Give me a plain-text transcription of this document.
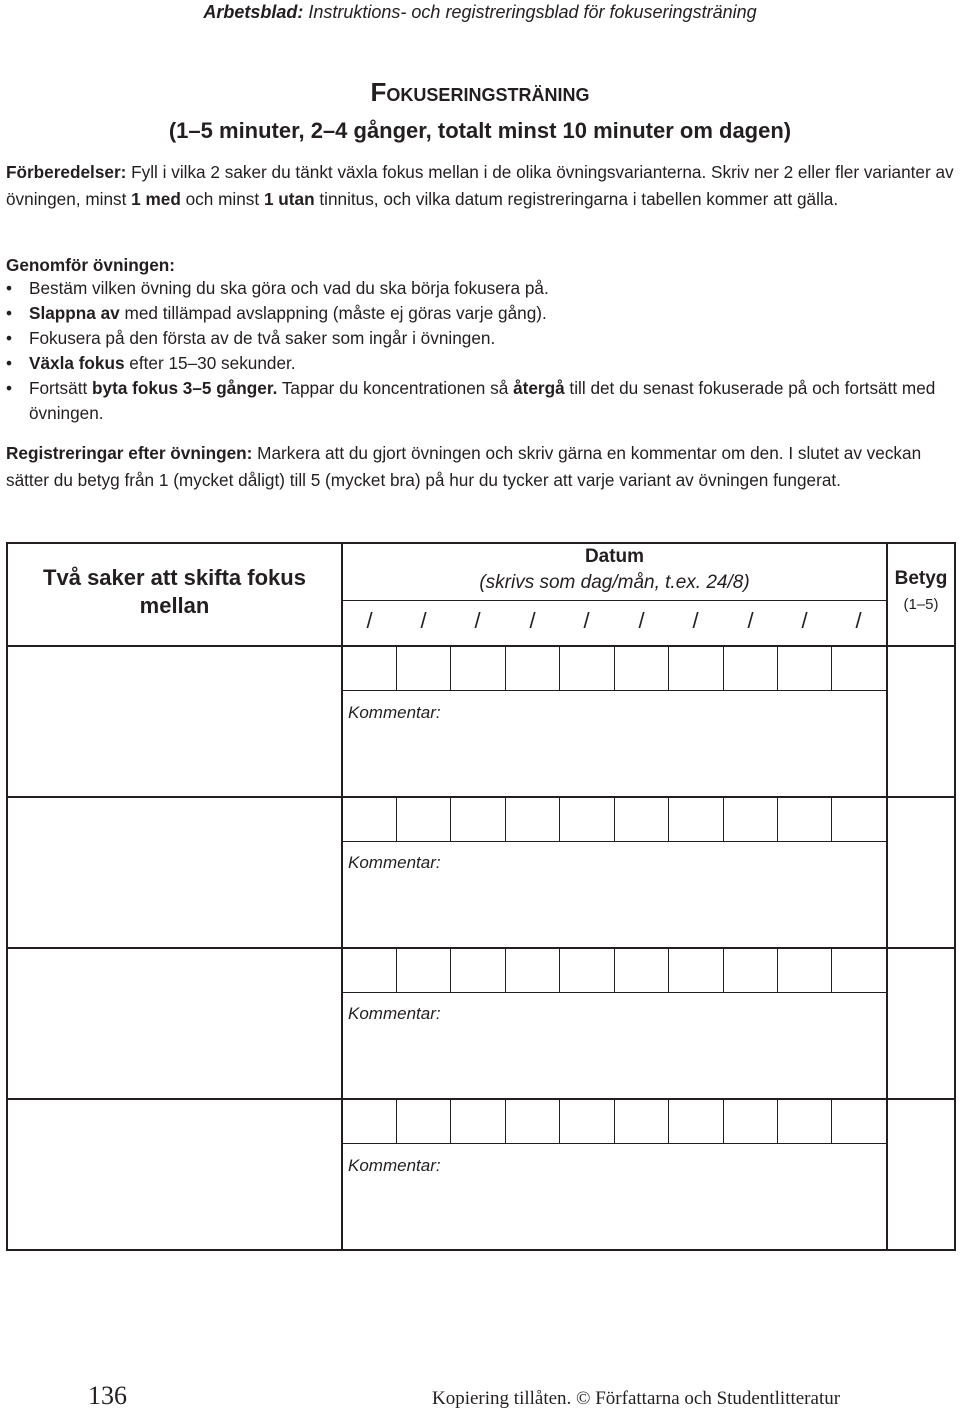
Arbetsblad: Instruktions- och registreringsblad för fokuseringsträning
Fokuseringsträning
(1–5 minuter, 2–4 gånger, totalt minst 10 minuter om dagen)
Förberedelser: Fyll i vilka 2 saker du tänkt växla fokus mellan i de olika övningsvarianterna. Skriv ner 2 eller fler varianter av övningen, minst 1 med och minst 1 utan tinnitus, och vilka datum registreringarna i tabellen kommer att gälla.
Genomför övningen:
• Bestäm vilken övning du ska göra och vad du ska börja fokusera på.
• Slappna av med tillämpad avslappning (måste ej göras varje gång).
• Fokusera på den första av de två saker som ingår i övningen.
• Växla fokus efter 15–30 sekunder.
• Fortsätt byta fokus 3–5 gånger. Tappar du koncentrationen så återgå till det du senast fokuserade på och fortsätt med övningen.
Registreringar efter övningen: Markera att du gjort övningen och skriv gärna en kommentar om den. I slutet av veckan sätter du betyg från 1 (mycket dåligt) till 5 (mycket bra) på hur du tycker att varje variant av övningen fungerat.
Två saker att skifta fokus mellan
Datum
(skrivs som dag/mån, t.ex. 24/8)	Betyg
(1–5)
/	/	/	/	/	/	/	/	/	/
Kommentar:
Kommentar:
Kommentar:
Kommentar:
136	Kopiering tillåten. © Författarna och Studentlitteratur
